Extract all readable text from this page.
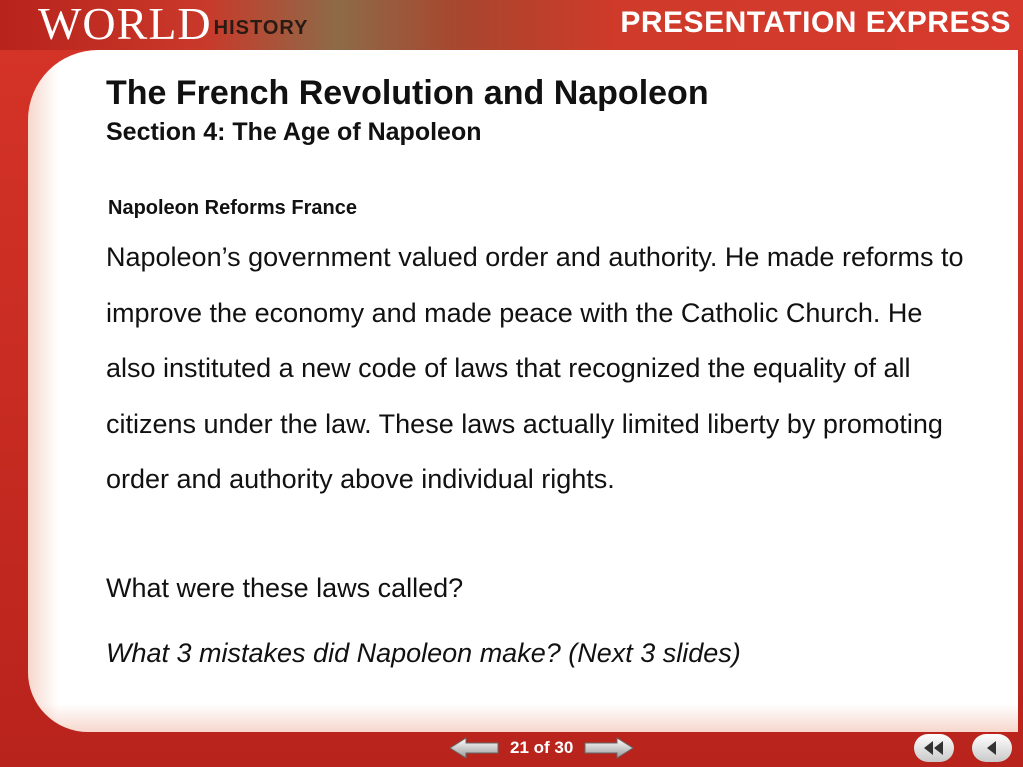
WORLD HISTORY	PRESENTATION EXPRESS
The French Revolution and Napoleon
Section 4: The Age of Napoleon
Napoleon Reforms France

Napoleon’s government valued order and authority. He made reforms to improve the economy and made peace with the Catholic Church. He also instituted a new code of laws that recognized the equality of all citizens under the law. These laws actually limited liberty by promoting order and authority above individual rights.

What were these laws called?
What 3 mistakes did Napoleon make? (Next 3 slides)
21 of 30
